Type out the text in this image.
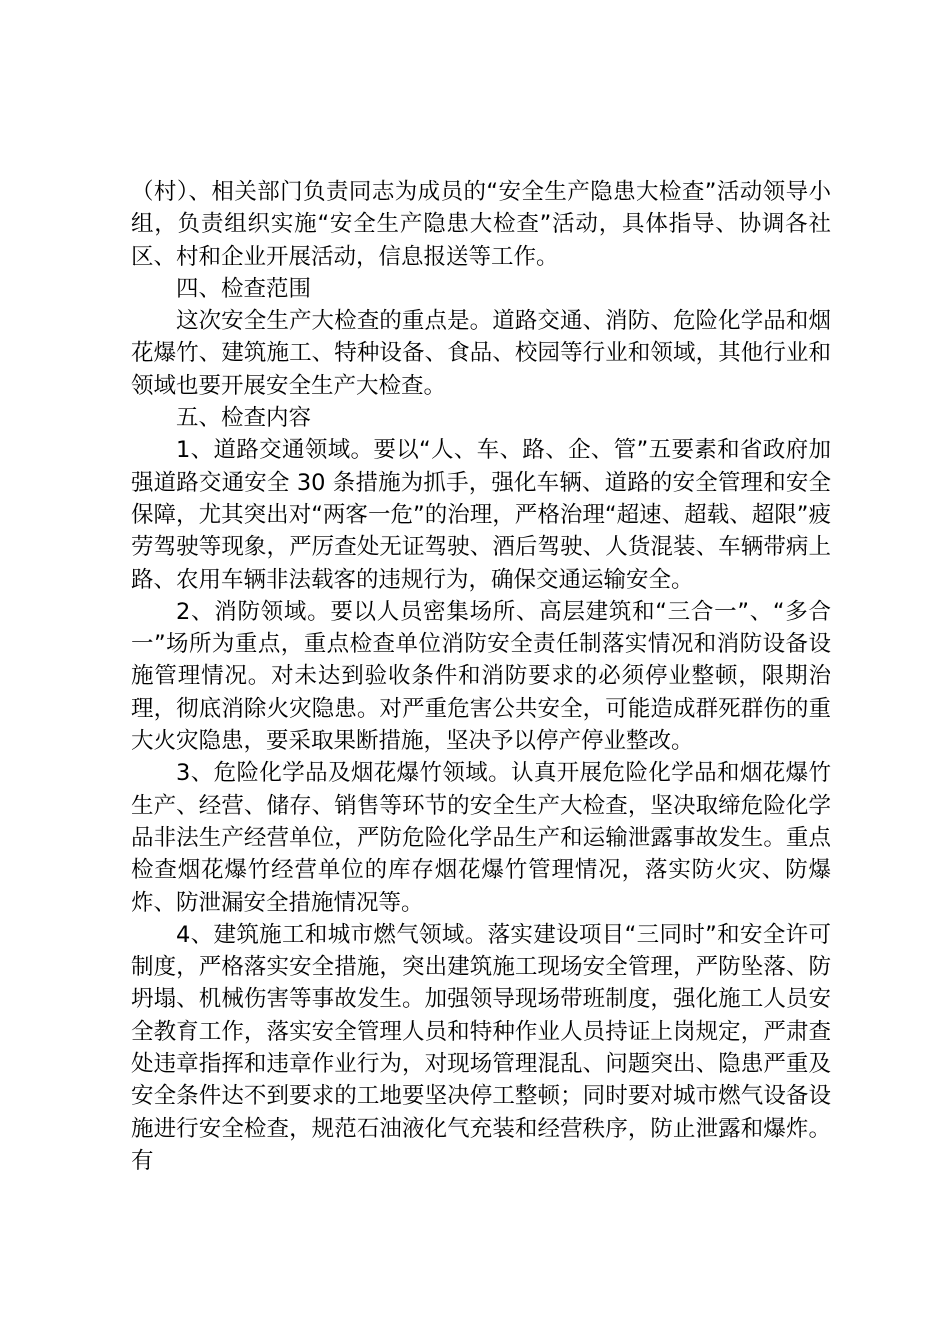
（村）、相关部门负责同志为成员的“安全生产隐患大检查”活动领导小组，负责组织实施“安全生产隐患大检查”活动，具体指导、协调各社区、村和企业开展活动，信息报送等工作。

四、检查范围

这次安全生产大检查的重点是。道路交通、消防、危险化学品和烟花爆竹、建筑施工、特种设备、食品、校园等行业和领域，其他行业和领域也要开展安全生产大检查。

五、检查内容

1、道路交通领域。要以“人、车、路、企、管”五要素和省政府加强道路交通安全 30 条措施为抓手，强化车辆、道路的安全管理和安全保障，尤其突出对“两客一危”的治理，严格治理“超速、超载、超限”疲劳驾驶等现象，严厉查处无证驾驶、酒后驾驶、人货混装、车辆带病上路、农用车辆非法载客的违规行为，确保交通运输安全。

2、消防领域。要以人员密集场所、高层建筑和“三合一”、“多合一”场所为重点，重点检查单位消防安全责任制落实情况和消防设备设施管理情况。对未达到验收条件和消防要求的必须停业整顿，限期治理，彻底消除火灾隐患。对严重危害公共安全，可能造成群死群伤的重大火灾隐患，要采取果断措施，坚决予以停产停业整改。

3、危险化学品及烟花爆竹领域。认真开展危险化学品和烟花爆竹生产、经营、储存、销售等环节的安全生产大检查，坚决取缔危险化学品非法生产经营单位，严防危险化学品生产和运输泄露事故发生。重点检查烟花爆竹经营单位的库存烟花爆竹管理情况，落实防火灾、防爆炸、防泄漏安全措施情况等。

4、建筑施工和城市燃气领域。落实建设项目“三同时”和安全许可制度，严格落实安全措施，突出建筑施工现场安全管理，严防坠落、防坍塌、机械伤害等事故发生。加强领导现场带班制度，强化施工人员安全教育工作，落实安全管理人员和特种作业人员持证上岗规定，严肃查处违章指挥和违章作业行为，对现场管理混乱、问题突出、隐患严重及安全条件达不到要求的工地要坚决停工整顿；同时要对城市燃气设备设施进行安全检查，规范石油液化气充装和经营秩序，防止泄露和爆炸。有
